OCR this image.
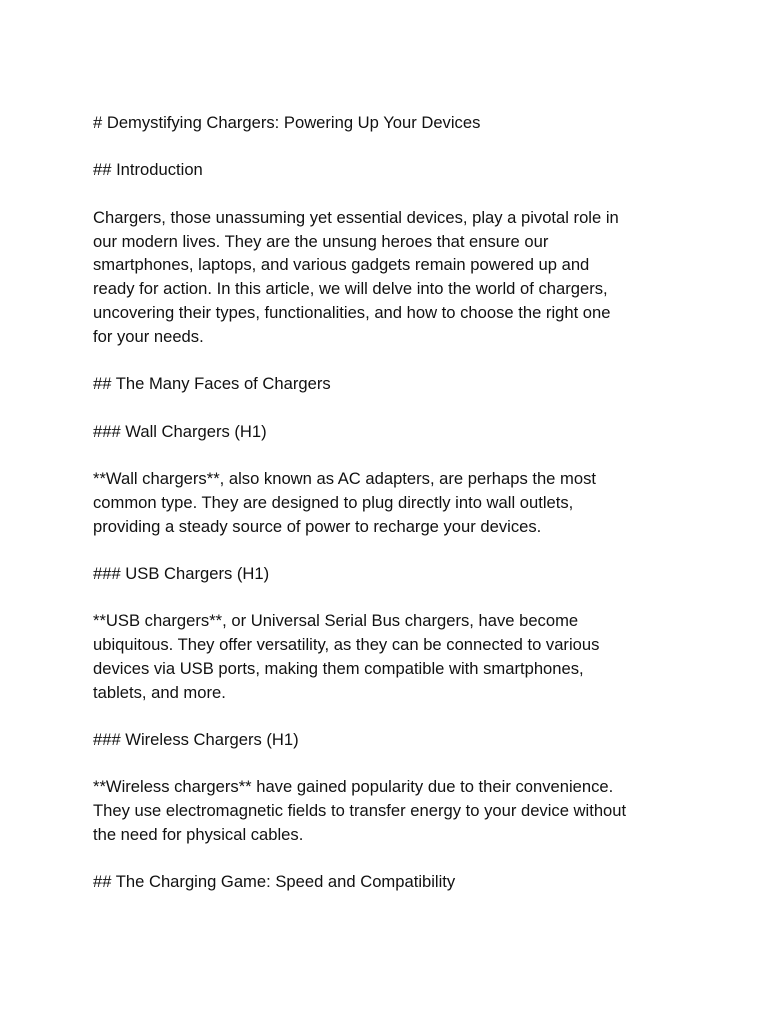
# Demystifying Chargers: Powering Up Your Devices
## Introduction
Chargers, those unassuming yet essential devices, play a pivotal role in
our modern lives. They are the unsung heroes that ensure our
smartphones, laptops, and various gadgets remain powered up and
ready for action. In this article, we will delve into the world of chargers,
uncovering their types, functionalities, and how to choose the right one
for your needs.
## The Many Faces of Chargers
### Wall Chargers (H1)
**Wall chargers**, also known as AC adapters, are perhaps the most
common type. They are designed to plug directly into wall outlets,
providing a steady source of power to recharge your devices.
### USB Chargers (H1)
**USB chargers**, or Universal Serial Bus chargers, have become
ubiquitous. They offer versatility, as they can be connected to various
devices via USB ports, making them compatible with smartphones,
tablets, and more.
### Wireless Chargers (H1)
**Wireless chargers** have gained popularity due to their convenience.
They use electromagnetic fields to transfer energy to your device without
the need for physical cables.
## The Charging Game: Speed and Compatibility
